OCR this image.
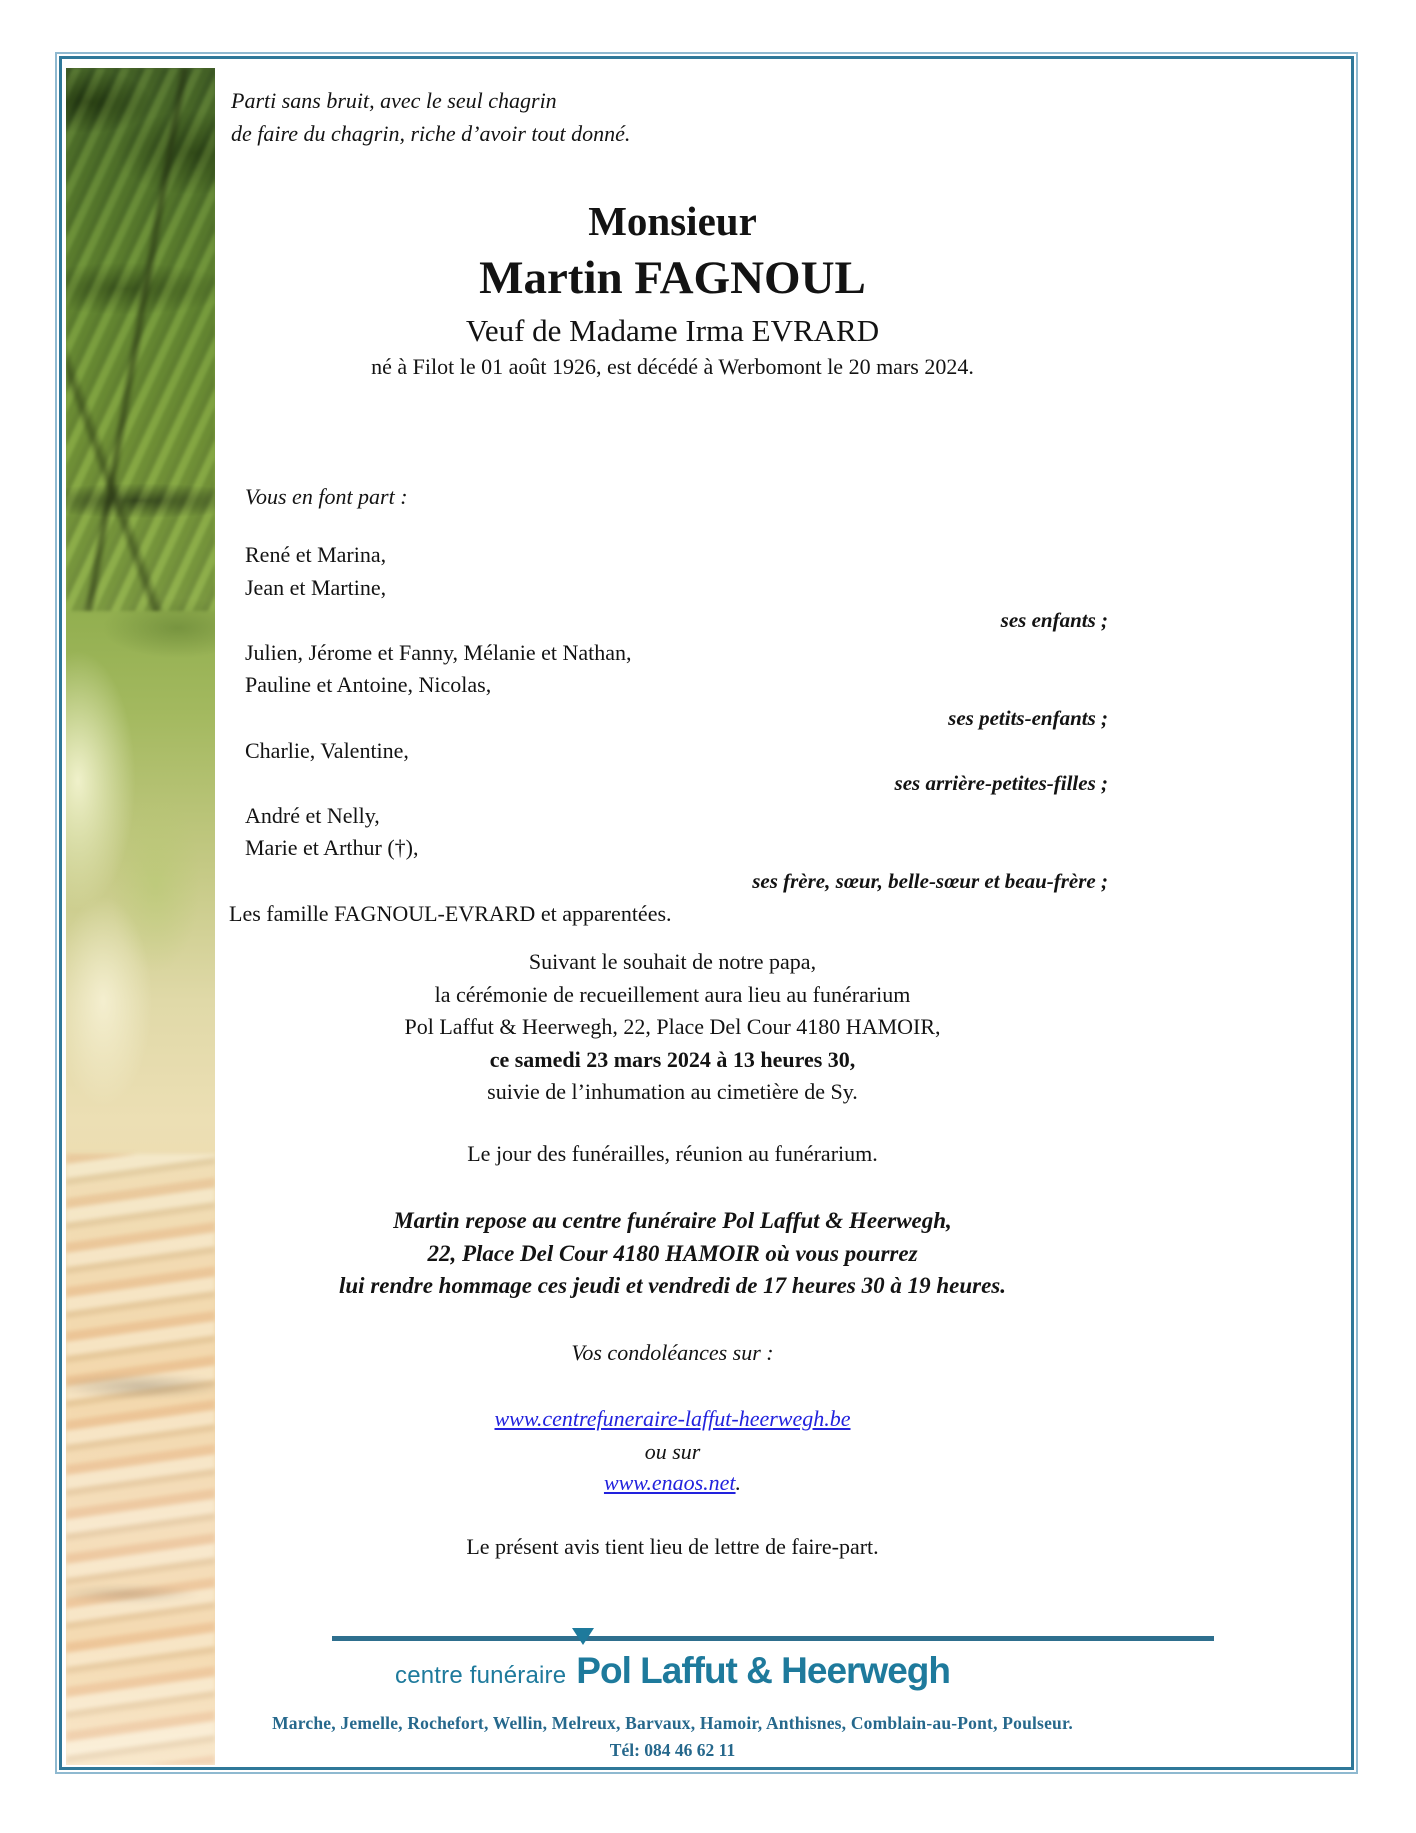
Parti sans bruit, avec le seul chagrin
de faire du chagrin, riche d’avoir tout donné.
Monsieur
Martin FAGNOUL
Veuf de Madame Irma EVRARD
né à Filot le 01 août 1926, est décédé à Werbomont le 20 mars 2024.
Vous en font part :
René et Marina,
Jean et Martine,
ses enfants ;
Julien, Jérome et Fanny, Mélanie et Nathan,
Pauline et Antoine, Nicolas,
ses petits-enfants ;
Charlie, Valentine,
ses arrière-petites-filles ;
André et Nelly,
Marie et Arthur (†),
ses frère, sœur, belle-sœur et beau-frère ;
Les famille FAGNOUL-EVRARD et apparentées.
Suivant le souhait de notre papa,
la cérémonie de recueillement aura lieu au funérarium
Pol Laffut & Heerwegh, 22, Place Del Cour 4180 HAMOIR,
ce samedi 23 mars 2024 à 13 heures 30,
suivie de l’inhumation au cimetière de Sy.
Le jour des funérailles, réunion au funérarium.
Martin repose au centre funéraire Pol Laffut & Heerwegh,
22, Place Del Cour 4180 HAMOIR où vous pourrez
lui rendre hommage ces jeudi et vendredi de 17 heures 30 à 19 heures.
Vos condoléances sur :
www.centrefuneraire-laffut-heerwegh.be
ou sur
www.enaos.net.
Le présent avis tient lieu de lettre de faire-part.
centre funéraire Pol Laffut & Heerwegh
Marche, Jemelle, Rochefort, Wellin, Melreux, Barvaux, Hamoir, Anthisnes, Comblain-au-Pont, Poulseur.
Tél: 084 46 62 11
